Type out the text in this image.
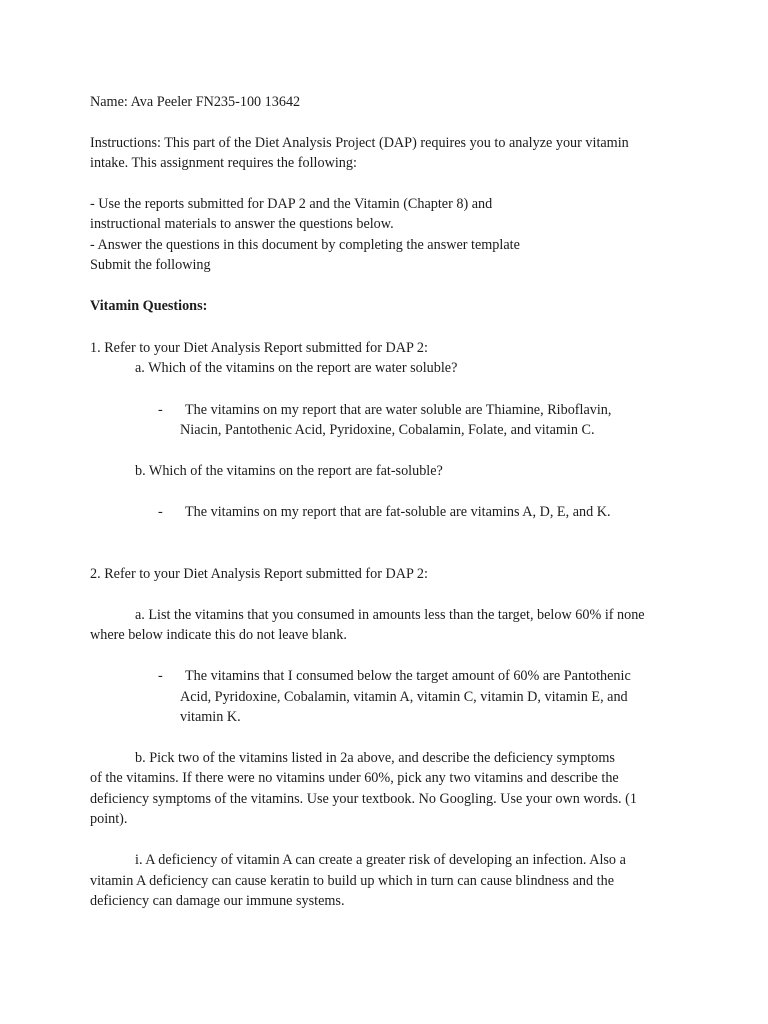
Name: Ava Peeler FN235-100 13642
Instructions: This part of the Diet Analysis Project (DAP) requires you to analyze your vitamin
intake. This assignment requires the following:
- Use the reports submitted for DAP 2 and the Vitamin (Chapter 8) and
instructional materials to answer the questions below.
- Answer the questions in this document by completing the answer template
Submit the following
Vitamin Questions:
1. Refer to your Diet Analysis Report submitted for DAP 2:
a. Which of the vitamins on the report are water soluble?
- The vitamins on my report that are water soluble are Thiamine, Riboflavin,
Niacin, Pantothenic Acid, Pyridoxine, Cobalamin, Folate, and vitamin C.
b. Which of the vitamins on the report are fat-soluble?
- The vitamins on my report that are fat-soluble are vitamins A, D, E, and K.
2. Refer to your Diet Analysis Report submitted for DAP 2:
a. List the vitamins that you consumed in amounts less than the target, below 60% if none
where below indicate this do not leave blank.
- The vitamins that I consumed below the target amount of 60% are Pantothenic
Acid, Pyridoxine, Cobalamin, vitamin A, vitamin C, vitamin D, vitamin E, and
vitamin K.
b. Pick two of the vitamins listed in 2a above, and describe the deficiency symptoms
of the vitamins. If there were no vitamins under 60%, pick any two vitamins and describe the
deficiency symptoms of the vitamins. Use your textbook. No Googling. Use your own words. (1
point).
i. A deficiency of vitamin A can create a greater risk of developing an infection. Also a
vitamin A deficiency can cause keratin to build up which in turn can cause blindness and the
deficiency can damage our immune systems.
